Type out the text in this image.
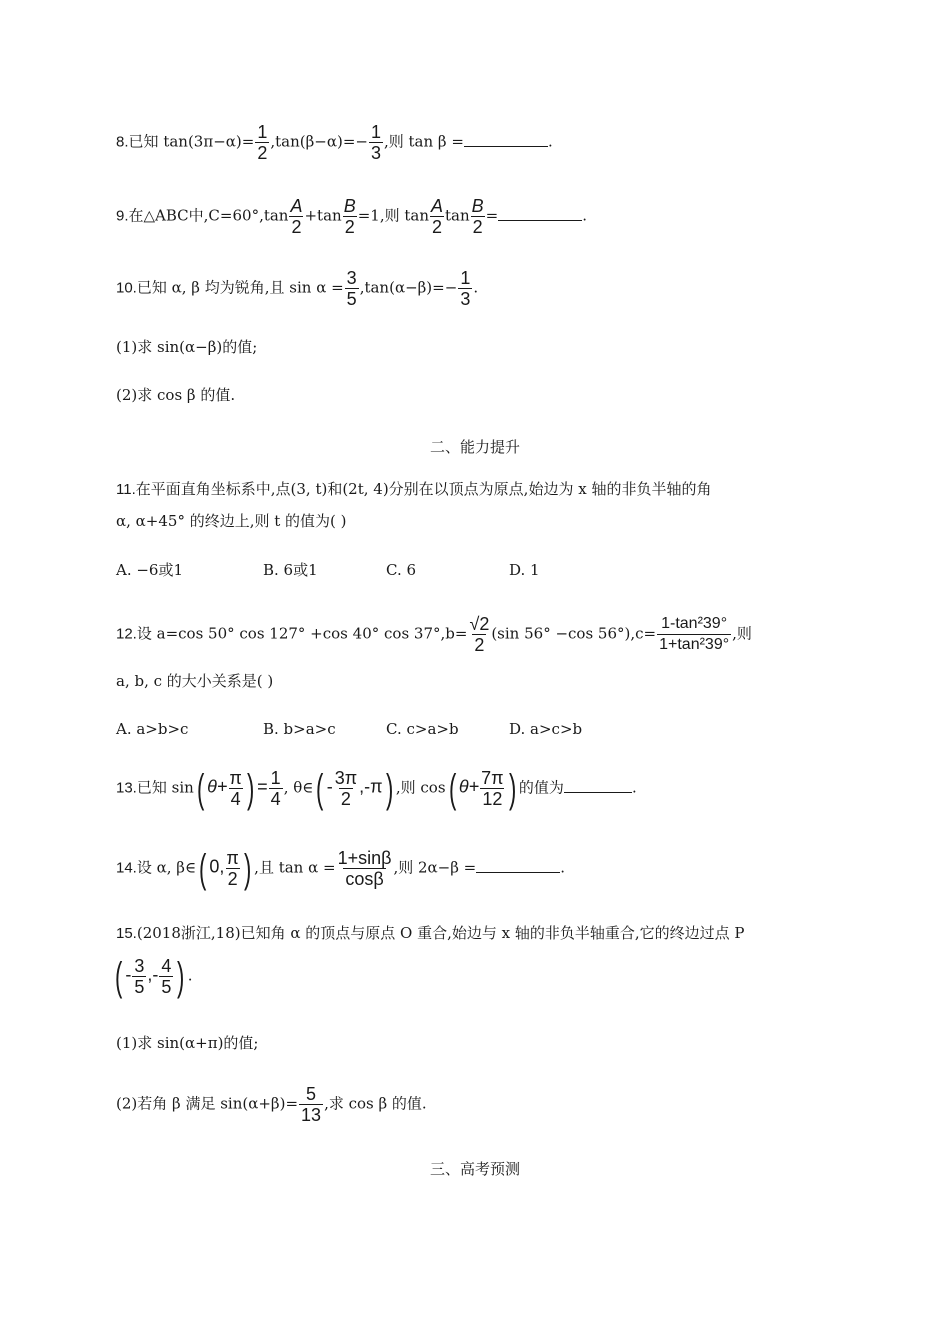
8.已知 $\tan(3\pi-\alpha)= \frac{1}{2} ,\tan(\beta-\alpha)=- \frac{1}{3}$ ,则 tan β =	.
9.在△ABC中$,C=60^\circ,\tan \frac{A}{2} +\tan \frac{B}{2} =1$,则 $\tan \frac{A}{2}$ $\tan \frac{B}{2}$ =	.
10.已知 α, β 均为锐角,且 $\sin \alpha = \frac{3}{5} ,\tan(\alpha-\beta)=- \frac{1}{3}$ .
(1)求 sin(α−β)的值;
(2)求 cos β 的值.
二、能力提升
11.在平面直角坐标系中,点(3, t)和(2t, 4)分别在以顶点为原点,始边为 x 轴的非负半轴的角
α, α+45° 的终边上,则 t 的值为( )
A. −6或1	B. 6或1	C. 6	D. 1
12.设 a=cos 50° cos 127° +cos 40° $\cos 37^\circ,b= \frac{√2}{2} (\sin$ 56° −cos $56^\circ),c= \frac{\text{1-tan²39°}}{\text{1+tan²39°}}$ ,则
a, b, c 的大小关系是( )
A. a>b>c	B. b>a>c	C. c>a>b	D. a>c>b
13.已知 sin( $\theta+ \frac{\pi}{4}$ ) = $\frac{1}{4}$ , θ∈( - $\frac{3\pi}{2} ,-\pi$) ,则 cos( $\theta+ \frac{7\pi}{12}$ ) 的值为	.
14.设 α, β∈( 0, $\frac{\pi}{2}$ ) ,且 $\tan \alpha = \frac{1+\sin\beta}{\cos\beta}$ ,则 2α−β =	.
15.(2018浙江,18)已知角 α 的顶点与原点 O 重合,始边与 x 轴的非负半轴重合,它的终边过点 P
( - $\frac{3}{5}$ ,- $\frac{4}{5}$ ) .
(1)求 sin(α+π)的值;
(2)若角 β 满足 $\sin(\alpha+\beta)= \frac{5}{13}$ ,求 cos β 的值.
三、高考预测
